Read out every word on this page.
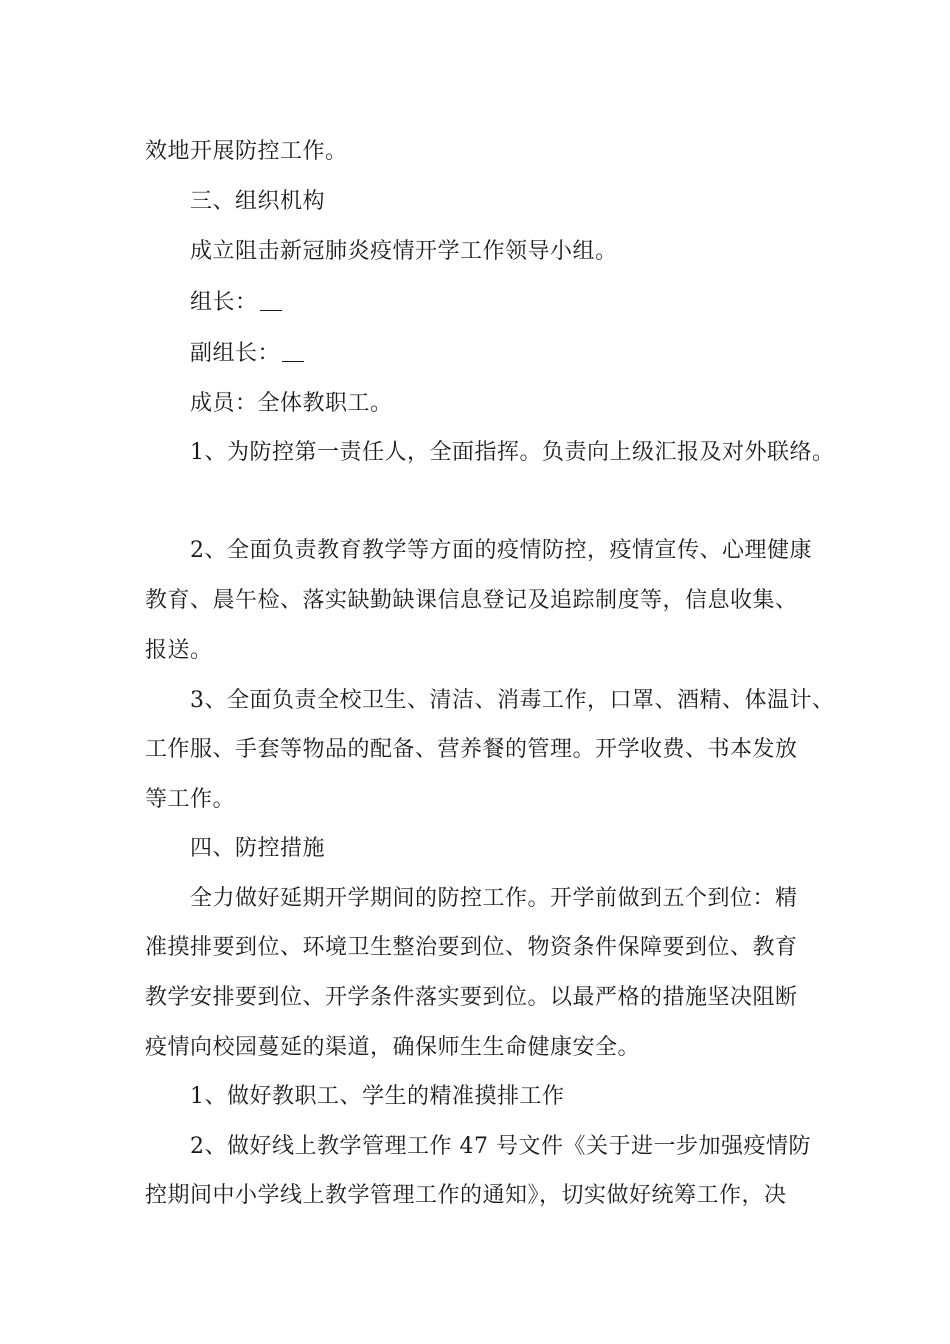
效地开展防控工作。

三、组织机构

成立阻击新冠肺炎疫情开学工作领导小组。

组长：

副组长：

成员：全体教职工。

1、为防控第一责任人，全面指挥。负责向上级汇报及对外联络。

2、全面负责教育教学等方面的疫情防控，疫情宣传、心理健康

教育、晨午检、落实缺勤缺课信息登记及追踪制度等，信息收集、

报送。

3、全面负责全校卫生、清洁、消毒工作，口罩、酒精、体温计、

工作服、手套等物品的配备、营养餐的管理。开学收费、书本发放

等工作。

四、防控措施

全力做好延期开学期间的防控工作。开学前做到五个到位：精

准摸排要到位、环境卫生整治要到位、物资条件保障要到位、教育

教学安排要到位、开学条件落实要到位。以最严格的措施坚决阻断

疫情向校园蔓延的渠道，确保师生生命健康安全。

1、做好教职工、学生的精准摸排工作

2、做好线上教学管理工作 47 号文件《关于进一步加强疫情防

控期间中小学线上教学管理工作的通知》，切实做好统筹工作，决
